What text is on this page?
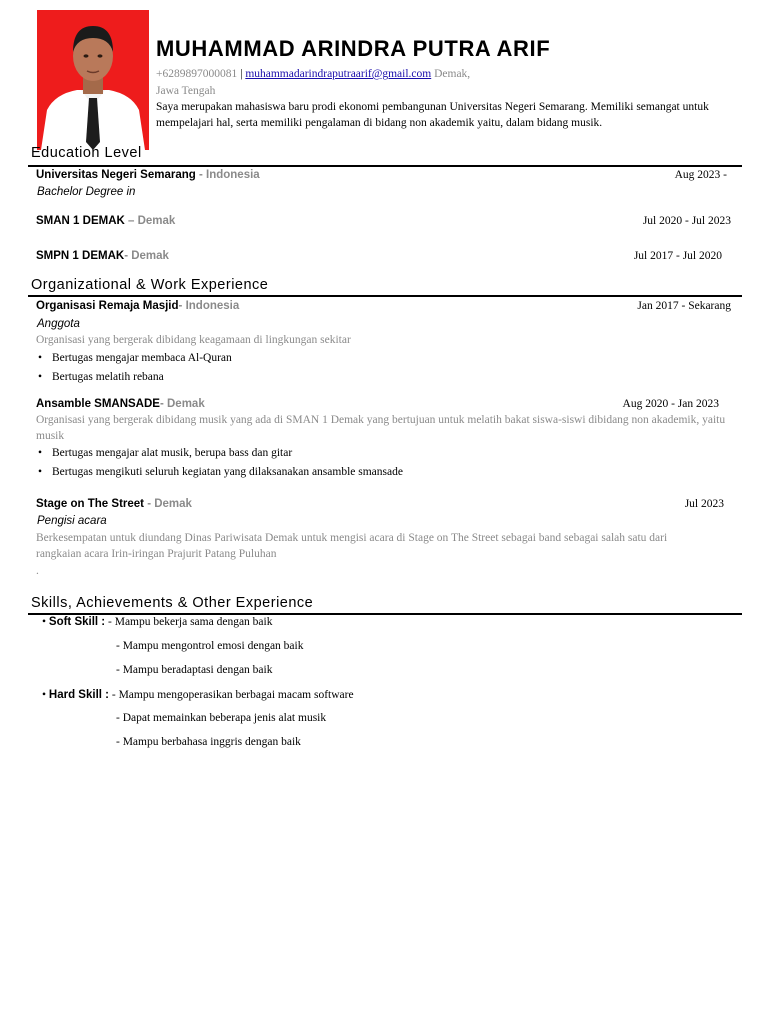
MUHAMMAD ARINDRA PUTRA ARIF
+6289897000081 | muhammadarindraputraarif@gmail.com Demak,
Jawa Tengah
Saya merupakan mahasiswa baru prodi ekonomi pembangunan Universitas Negeri Semarang. Memiliki semangat untuk mempelajari hal, serta memiliki pengalaman di bidang non akademik yaitu, dalam bidang musik.
Education Level
Universitas Negeri Semarang - Indonesia	Aug 2023 -
Bachelor Degree in
SMAN 1 DEMAK – Demak	Jul 2020 - Jul 2023
SMPN 1 DEMAK- Demak	Jul 2017 - Jul 2020
Organizational & Work Experience
Organisasi Remaja Masjid- Indonesia	Jan 2017 - Sekarang
Anggota
Organisasi yang bergerak dibidang keagamaan di lingkungan sekitar
• Bertugas mengajar membaca Al-Quran
• Bertugas melatih rebana
Ansamble SMANSADE- Demak	Aug 2020 - Jan 2023
Organisasi yang bergerak dibidang musik yang ada di SMAN 1 Demak yang bertujuan untuk melatih bakat siswa-siswi dibidang non akademik, yaitu musik
• Bertugas mengajar alat musik, berupa bass dan gitar
• Bertugas mengikuti seluruh kegiatan yang dilaksanakan ansamble smansade
Stage on The Street - Demak	Jul 2023
Pengisi acara
Berkesempatan untuk diundang Dinas Pariwisata Demak untuk mengisi acara di Stage on The Street sebagai band sebagai salah satu dari rangkaian acara Irin-iringan Prajurit Patang Puluhan
.
Skills, Achievements & Other Experience
• Soft Skill : - Mampu bekerja sama dengan baik
- Mampu mengontrol emosi dengan baik
- Mampu beradaptasi dengan baik
• Hard Skill : - Mampu mengoperasikan berbagai macam software
- Dapat memainkan beberapa jenis alat musik
- Mampu berbahasa inggris dengan baik
